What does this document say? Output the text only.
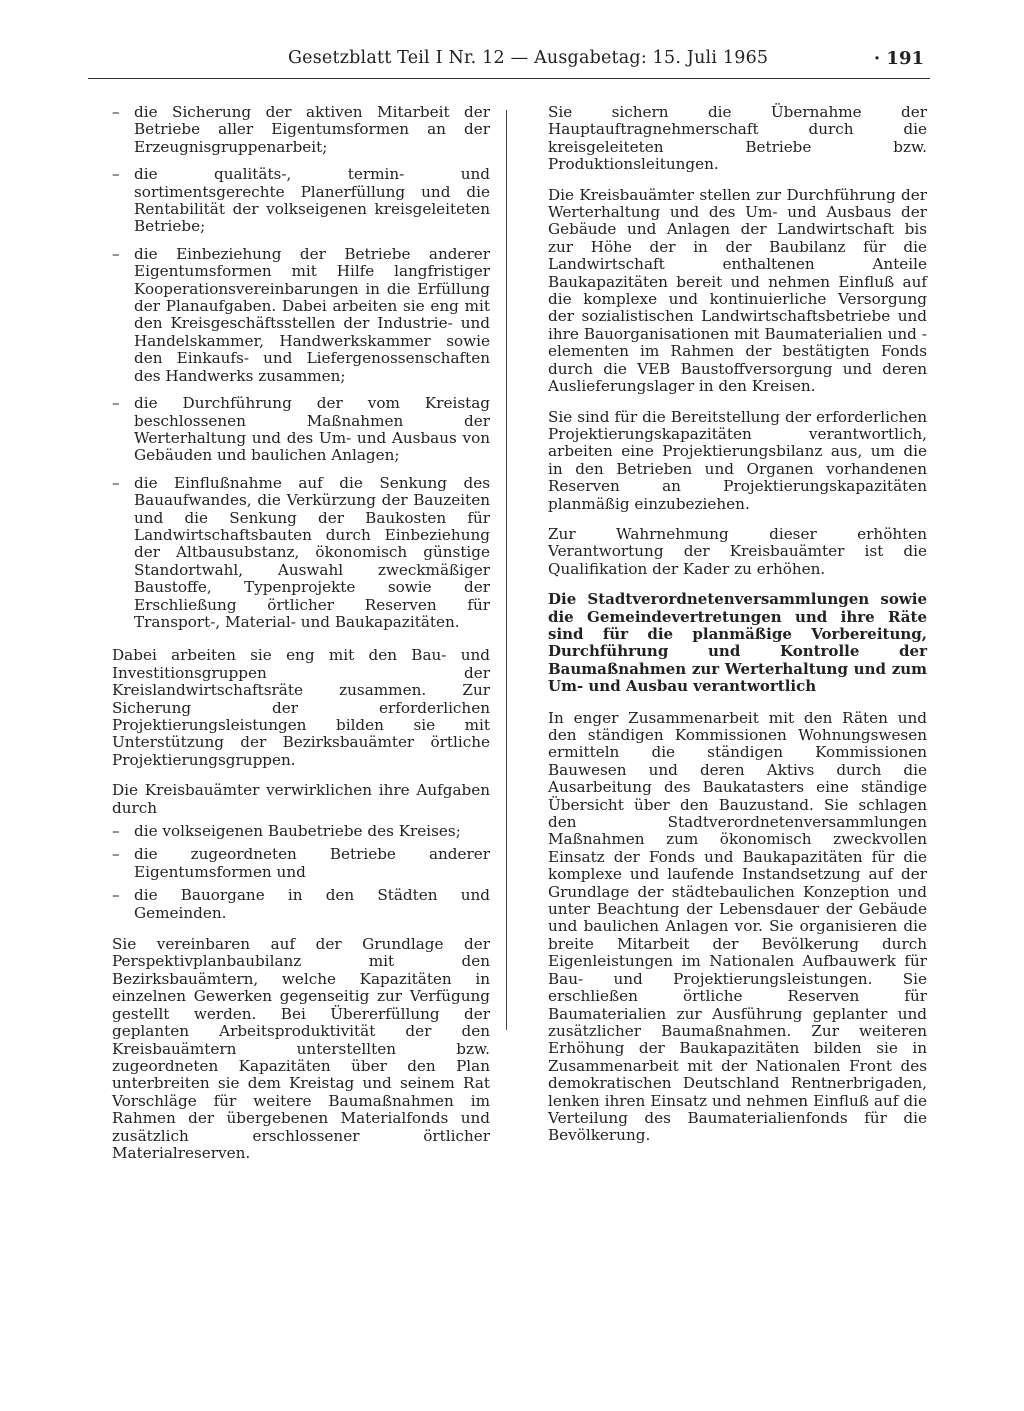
Gesetzblatt Teil I Nr. 12 — Ausgabetag: 15. Juli 1965	· 191
– die Sicherung der aktiven Mitarbeit der Betriebe aller Eigentumsformen an der Erzeugnisgruppenarbeit;
– die qualitäts-, termin- und sortimentsgerechte Planerfüllung und die Rentabilität der volkseigenen kreisgeleiteten Betriebe;
– die Einbeziehung der Betriebe anderer Eigentumsformen mit Hilfe langfristiger Kooperationsvereinbarungen in die Erfüllung der Planaufgaben. Dabei arbeiten sie eng mit den Kreisgeschäftsstellen der Industrie- und Handelskammer, Handwerkskammer sowie den Einkaufs- und Liefergenossenschaften des Handwerks zusammen;
– die Durchführung der vom Kreistag beschlossenen Maßnahmen der Werterhaltung und des Um- und Ausbaus von Gebäuden und baulichen Anlagen;
– die Einflußnahme auf die Senkung des Bauaufwandes, die Verkürzung der Bauzeiten und die Senkung der Baukosten für Landwirtschaftsbauten durch Einbeziehung der Altbausubstanz, ökonomisch günstige Standortwahl, Auswahl zweckmäßiger Baustoffe, Typenprojekte sowie der Erschließung örtlicher Reserven für Transport-, Material- und Baukapazitäten.

Dabei arbeiten sie eng mit den Bau- und Investitionsgruppen der Kreislandwirtschaftsräte zusammen. Zur Sicherung der erforderlichen Projektierungsleistungen bilden sie mit Unterstützung der Bezirksbauämter örtliche Projektierungsgruppen.

Die Kreisbauämter verwirklichen ihre Aufgaben durch

– die volkseigenen Baubetriebe des Kreises;
– die zugeordneten Betriebe anderer Eigentumsformen und
– die Bauorgane in den Städten und Gemeinden.

Sie vereinbaren auf der Grundlage der Perspektivplanbaubilanz mit den Bezirksbauämtern, welche Kapazitäten in einzelnen Gewerken gegenseitig zur Verfügung gestellt werden. Bei Übererfüllung der geplanten Arbeitsproduktivität der den Kreisbauämtern unterstellten bzw. zugeordneten Kapazitäten über den Plan unterbreiten sie dem Kreistag und seinem Rat Vorschläge für weitere Baumaßnahmen im Rahmen der übergebenen Materialfonds und zusätzlich erschlossener örtlicher Materialreserven.

Sie sichern die Übernahme der Hauptauftragnehmerschaft durch die kreisgeleiteten Betriebe bzw. Produktionsleitungen.

Die Kreisbauämter stellen zur Durchführung der Werterhaltung und des Um- und Ausbaus der Gebäude und Anlagen der Landwirtschaft bis zur Höhe der in der Baubilanz für die Landwirtschaft enthaltenen Anteile Baukapazitäten bereit und nehmen Einfluß auf die komplexe und kontinuierliche Versorgung der sozialistischen Landwirtschaftsbetriebe und ihre Bauorganisationen mit Baumaterialien und -elementen im Rahmen der bestätigten Fonds durch die VEB Baustoffversorgung und deren Auslieferungslager in den Kreisen.

Sie sind für die Bereitstellung der erforderlichen Projektierungskapazitäten verantwortlich, arbeiten eine Projektierungsbilanz aus, um die in den Betrieben und Organen vorhandenen Reserven an Projektierungskapazitäten planmäßig einzubeziehen.

Zur Wahrnehmung dieser erhöhten Verantwortung der Kreisbauämter ist die Qualifikation der Kader zu erhöhen.

Die Stadtverordnetenversammlungen sowie die Gemeindevertretungen und ihre Räte sind für die planmäßige Vorbereitung, Durchführung und Kontrolle der Baumaßnahmen zur Werterhaltung und zum Um- und Ausbau verantwortlich

In enger Zusammenarbeit mit den Räten und den ständigen Kommissionen Wohnungswesen ermitteln die ständigen Kommissionen Bauwesen und deren Aktivs durch die Ausarbeitung des Baukatasters eine ständige Übersicht über den Bauzustand. Sie schlagen den Stadtverordnetenversammlungen Maßnahmen zum ökonomisch zweckvollen Einsatz der Fonds und Baukapazitäten für die komplexe und laufende Instandsetzung auf der Grundlage der städtebaulichen Konzeption und unter Beachtung der Lebensdauer der Gebäude und baulichen Anlagen vor. Sie organisieren die breite Mitarbeit der Bevölkerung durch Eigenleistungen im Nationalen Aufbauwerk für Bau- und Projektierungsleistungen. Sie erschließen örtliche Reserven für Baumaterialien zur Ausführung geplanter und zusätzlicher Baumaßnahmen. Zur weiteren Erhöhung der Baukapazitäten bilden sie in Zusammenarbeit mit der Nationalen Front des demokratischen Deutschland Rentnerbrigaden, lenken ihren Einsatz und nehmen Einfluß auf die Verteilung des Baumaterialienfonds für die Bevölkerung.
